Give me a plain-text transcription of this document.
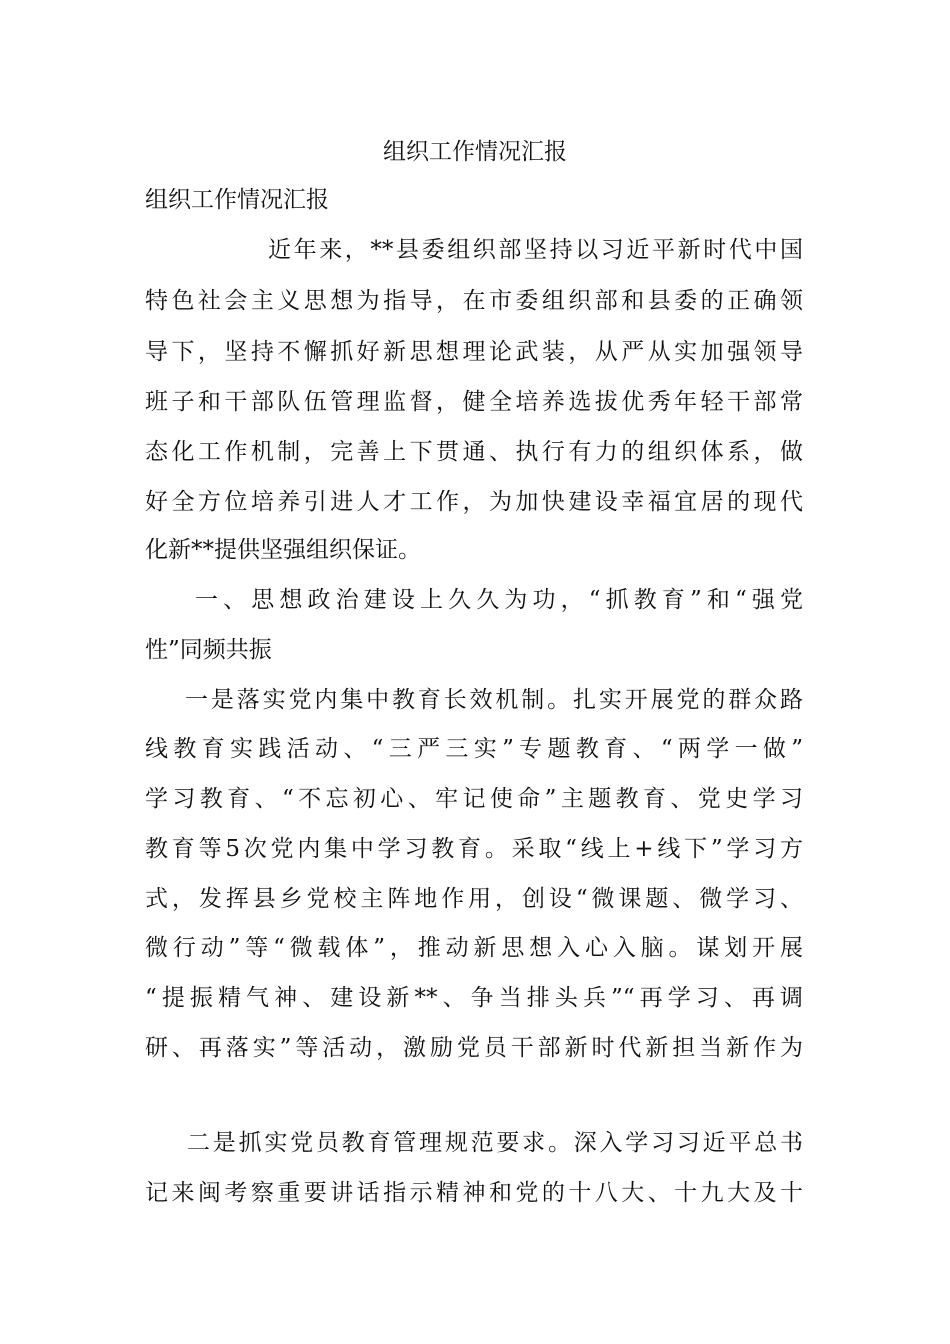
组织工作情况汇报
组织工作情况汇报
近年来，**县委组织部坚持以习近平新时代中国
特色社会主义思想为指导，在市委组织部和县委的正确领
导下，坚持不懈抓好新思想理论武装，从严从实加强领导
班子和干部队伍管理监督，健全培养选拔优秀年轻干部常
态化工作机制，完善上下贯通、执行有力的组织体系，做
好全方位培养引进人才工作，为加快建设幸福宜居的现代
化新**提供坚强组织保证。
一、思想政治建设上久久为功，“抓教育”和“强党
性”同频共振
一是落实党内集中教育长效机制。扎实开展党的群众路
线教育实践活动、“三严三实”专题教育、“两学一做”
学习教育、“不忘初心、牢记使命”主题教育、党史学习
教育等5次党内集中学习教育。采取“线上+线下”学习方
式，发挥县乡党校主阵地作用，创设“微课题、微学习、
微行动”等“微载体”，推动新思想入心入脑。谋划开展
“提振精气神、建设新**、争当排头兵”“再学习、再调
研、再落实”等活动，激励党员干部新时代新担当新作为
二是抓实党员教育管理规范要求。深入学习习近平总书
记来闽考察重要讲话指示精神和党的十八大、十九大及十
